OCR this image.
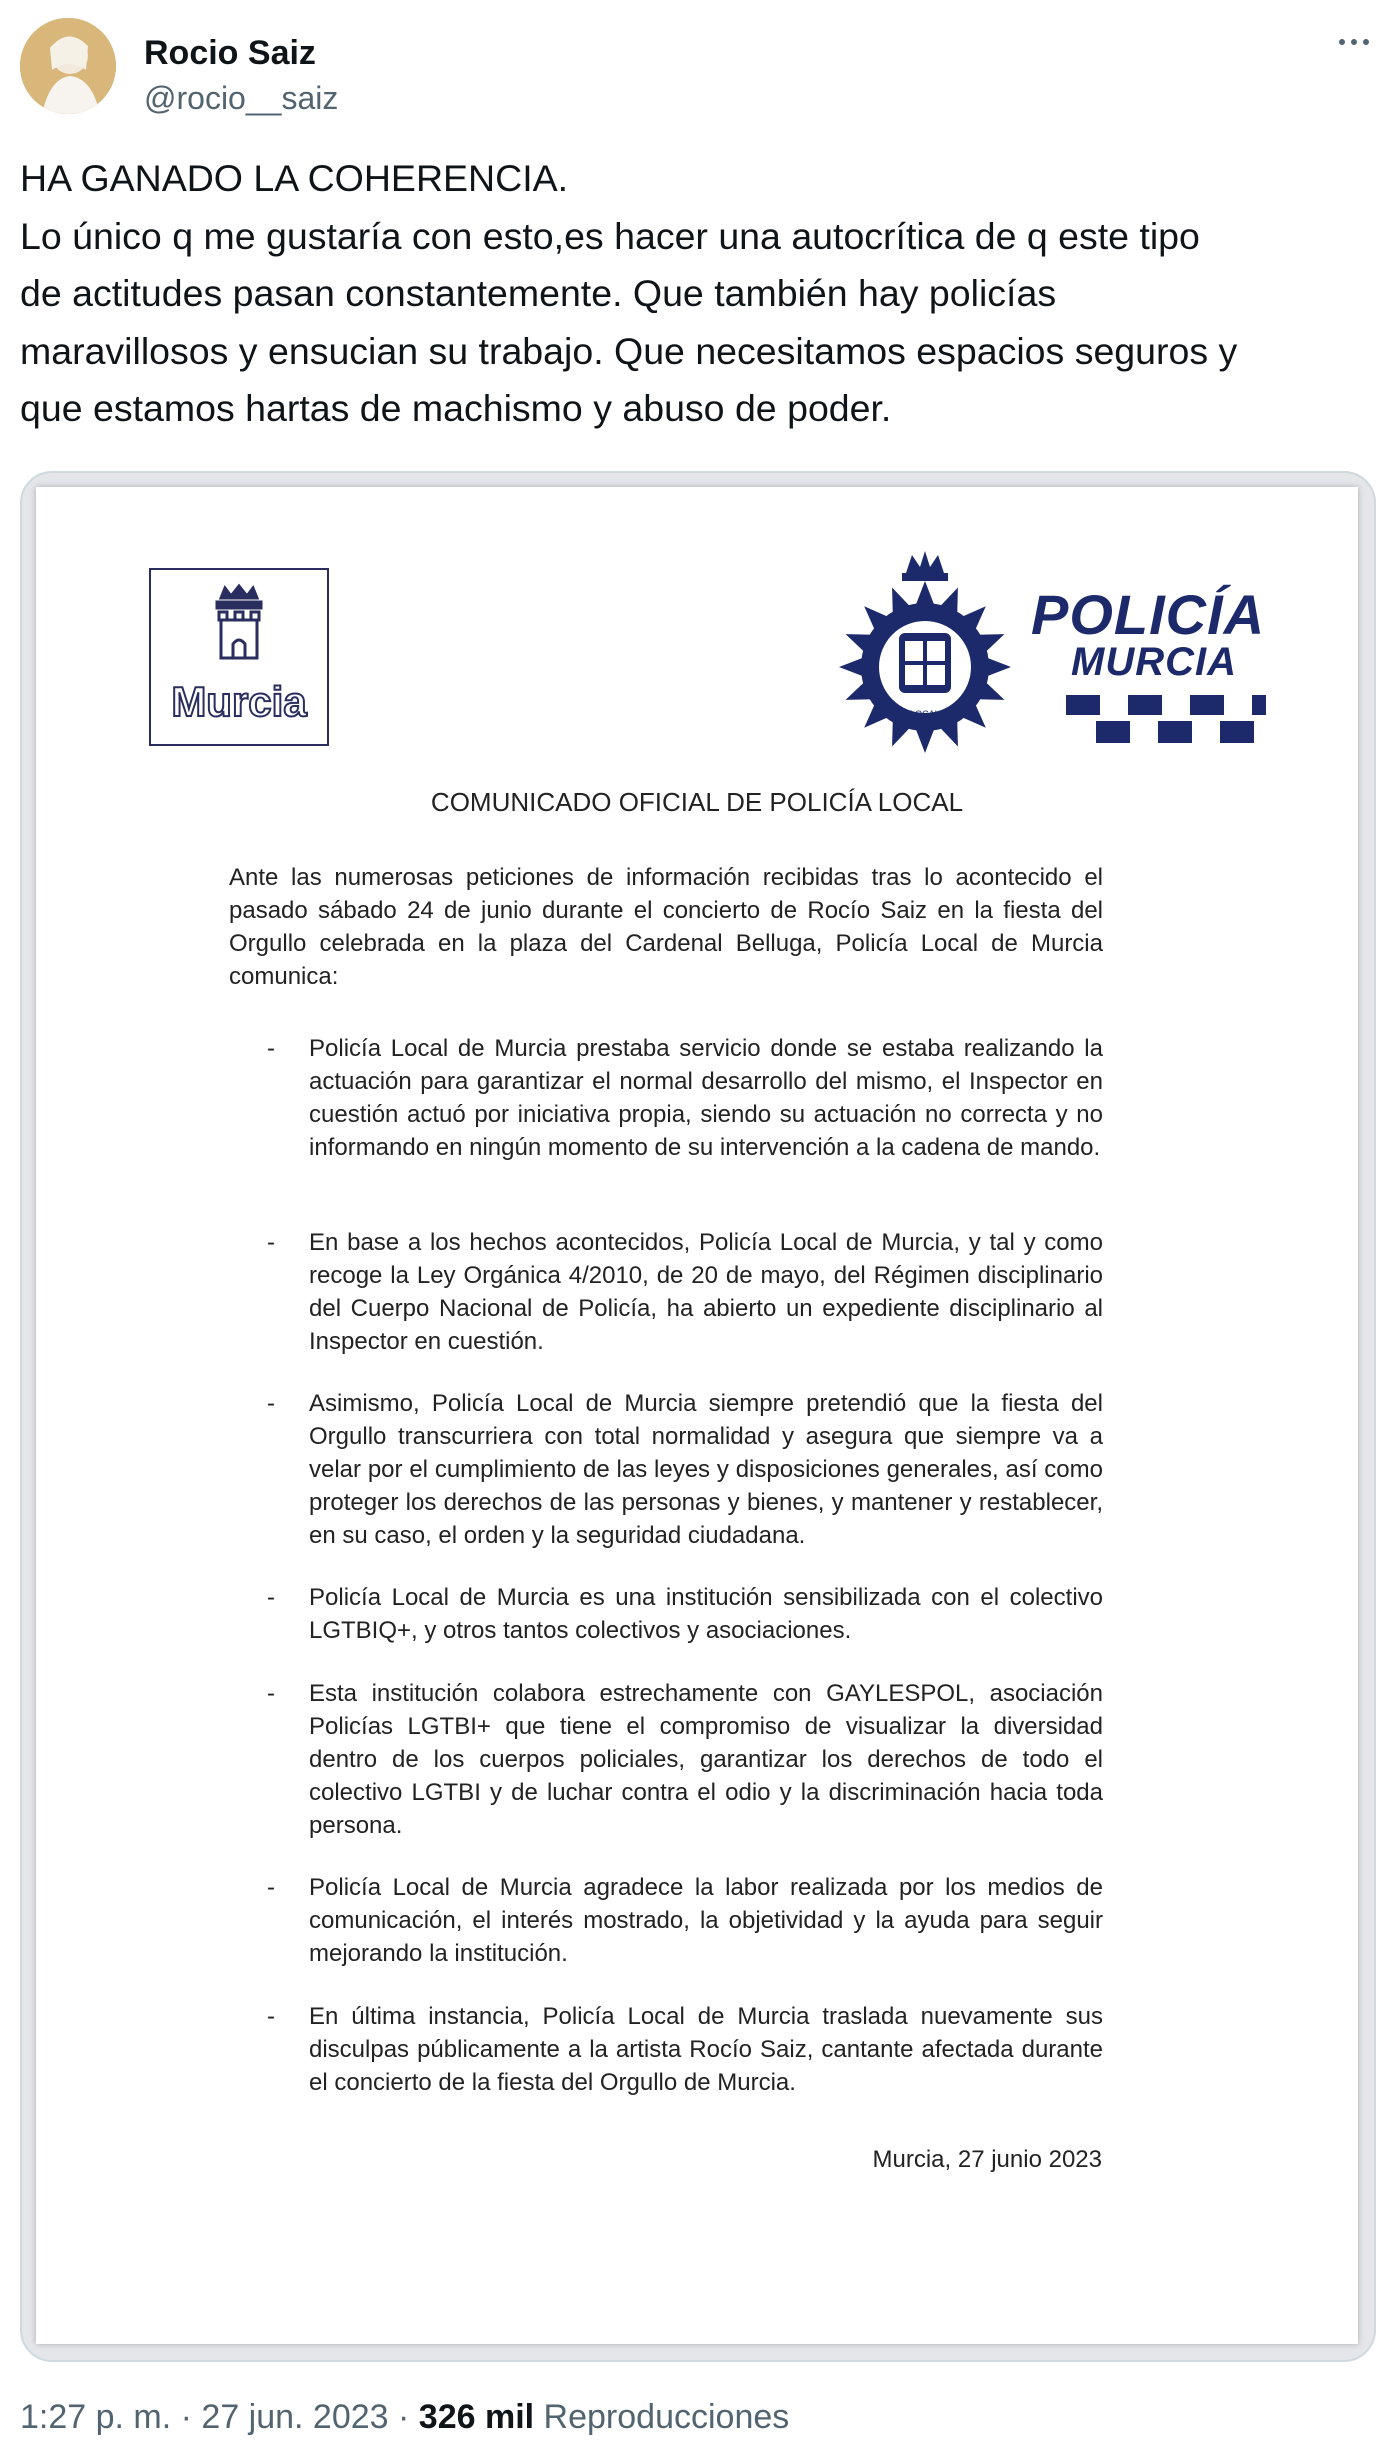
Rocio Saiz
@rocio__saiz
HA GANADO LA COHERENCIA.
Lo único q me gustaría con esto,es hacer una autocrítica de q este tipo
de actitudes pasan constantemente. Que también hay policías
maravillosos y ensucian su trabajo. Que necesitamos espacios seguros y
que estamos hartas de machismo y abuso de poder.
Murcia	POLICIA LOCAL MURCIA
POLICÍA
MURCIA
COMUNICADO OFICIAL DE POLICÍA LOCAL
Ante las numerosas peticiones de información recibidas tras lo acontecido el pasado sábado 24 de junio durante el concierto de Rocío Saiz en la fiesta del Orgullo celebrada en la plaza del Cardenal Belluga, Policía Local de Murcia comunica:
- Policía Local de Murcia prestaba servicio donde se estaba realizando la actuación para garantizar el normal desarrollo del mismo, el Inspector en cuestión actuó por iniciativa propia, siendo su actuación no correcta y no informando en ningún momento de su intervención a la cadena de mando.
- En base a los hechos acontecidos, Policía Local de Murcia, y tal y como recoge la Ley Orgánica 4/2010, de 20 de mayo, del Régimen disciplinario del Cuerpo Nacional de Policía, ha abierto un expediente disciplinario al Inspector en cuestión.
- Asimismo, Policía Local de Murcia siempre pretendió que la fiesta del Orgullo transcurriera con total normalidad y asegura que siempre va a velar por el cumplimiento de las leyes y disposiciones generales, así como proteger los derechos de las personas y bienes, y mantener y restablecer, en su caso, el orden y la seguridad ciudadana.
- Policía Local de Murcia es una institución sensibilizada con el colectivo LGTBIQ+, y otros tantos colectivos y asociaciones.
- Esta institución colabora estrechamente con GAYLESPOL, asociación Policías LGTBI+ que tiene el compromiso de visualizar la diversidad dentro de los cuerpos policiales, garantizar los derechos de todo el colectivo LGTBI y de luchar contra el odio y la discriminación hacia toda persona.
- Policía Local de Murcia agradece la labor realizada por los medios de comunicación, el interés mostrado, la objetividad y la ayuda para seguir mejorando la institución.
- En última instancia, Policía Local de Murcia traslada nuevamente sus disculpas públicamente a la artista Rocío Saiz, cantante afectada durante el concierto de la fiesta del Orgullo de Murcia.
Murcia, 27 junio 2023
1:27 p. m. · 27 jun. 2023 · 326 mil Reproducciones
